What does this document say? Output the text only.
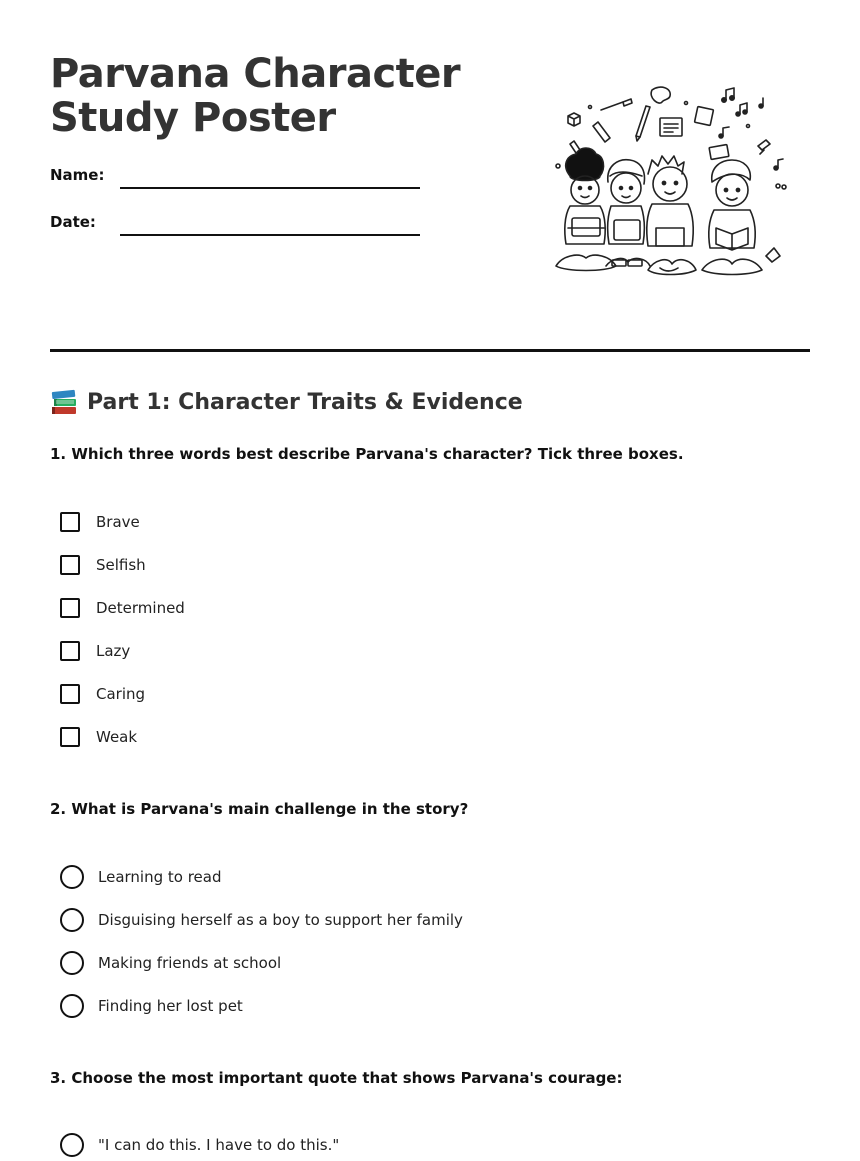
Parvana Character Study Poster
Name:
Date:
Part 1: Character Traits & Evidence

1. Which three words best describe Parvana's character? Tick three boxes.

Brave
Selfish
Determined
Lazy
Caring
Weak

2. What is Parvana's main challenge in the story?

Learning to read
Disguising herself as a boy to support her family
Making friends at school
Finding her lost pet

3. Choose the most important quote that shows Parvana's courage:

"I can do this. I have to do this."
